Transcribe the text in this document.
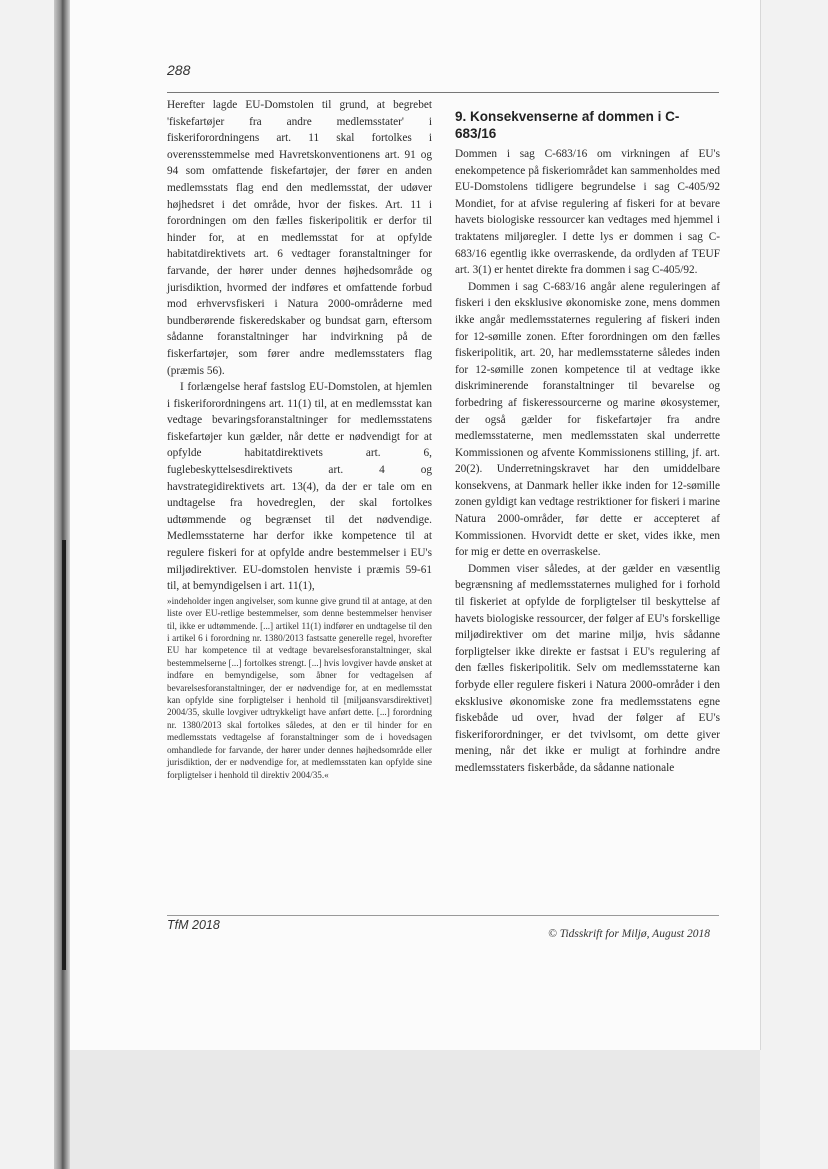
288

Herefter lagde EU-Domstolen til grund, at begrebet 'fiskefartøjer fra andre medlemsstater' i fiskeriforordningens art. 11 skal fortolkes i overensstemmelse med Havretskonventionens art. 91 og 94 som omfattende fiskefartøjer, der fører en anden medlemsstats flag end den medlemsstat, der udøver højhedsret i det område, hvor der fiskes. Art. 11 i forordningen om den fælles fiskeripolitik er derfor til hinder for, at en medlemsstat for at opfylde habitatdirektivets art. 6 vedtager foranstaltninger for farvande, der hører under dennes højhedsområde og jurisdiktion, hvormed der indføres et omfattende forbud mod erhvervsfiskeri i Natura 2000-områderne med bundberørende fiskeredskaber og bundsat garn, eftersom sådanne foranstaltninger har indvirkning på de fiskerfartøjer, som fører andre medlemsstaters flag (præmis 56).

I forlængelse heraf fastslog EU-Domstolen, at hjemlen i fiskeriforordningens art. 11(1) til, at en medlemsstat kan vedtage bevaringsforanstaltninger for medlemsstatens fiskefartøjer kun gælder, når dette er nødvendigt for at opfylde habitatdirektivets art. 6, fuglebeskyttelsesdirektivets art. 4 og havstrategidirektivets art. 13(4), da der er tale om en undtagelse fra hovedreglen, der skal fortolkes udtømmende og begrænset til det nødvendige. Medlemsstaterne har derfor ikke kompetence til at regulere fiskeri for at opfylde andre bestemmelser i EU's miljødirektiver. EU-domstolen henviste i præmis 59-61 til, at bemyndigelsen i art. 11(1),

»indeholder ingen angivelser, som kunne give grund til at antage, at den liste over EU-retlige bestemmelser, som denne bestemmelser henviser til, ikke er udtømmende. [...] artikel 11(1) indfører en undtagelse til den i artikel 6 i forordning nr. 1380/2013 fastsatte generelle regel, hvorefter EU har kompetence til at vedtage bevarelsesforanstaltninger, skal bestemmelserne [...] fortolkes strengt. [...] hvis lovgiver havde ønsket at indføre en bemyndigelse, som åbner for vedtagelsen af bevarelsesforanstaltninger, der er nødvendige for, at en medlemsstat kan opfylde sine forpligtelser i henhold til [miljøansvarsdirektivet] 2004/35, skulle lovgiver udtrykkeligt have anført dette. [...] forordning nr. 1380/2013 skal fortolkes således, at den er til hinder for en medlemsstats vedtagelse af foranstaltninger som de i hovedsagen omhandlede for farvande, der hører under dennes højhedsområde eller jurisdiktion, der er nødvendige for, at medlemsstaten kan opfylde sine forpligtelser i henhold til direktiv 2004/35.«

9. Konsekvenserne af dommen i C-683/16

Dommen i sag C-683/16 om virkningen af EU's enekompetence på fiskeriområdet kan sammenholdes med EU-Domstolens tidligere begrundelse i sag C-405/92 Mondiet, for at afvise regulering af fiskeri for at bevare havets biologiske ressourcer kan vedtages med hjemmel i traktatens miljøregler. I dette lys er dommen i sag C-683/16 egentlig ikke overraskende, da ordlyden af TEUF art. 3(1) er hentet direkte fra dommen i sag C-405/92.

Dommen i sag C-683/16 angår alene reguleringen af fiskeri i den eksklusive økonomiske zone, mens dommen ikke angår medlemsstaternes regulering af fiskeri inden for 12-sømille zonen. Efter forordningen om den fælles fiskeripolitik, art. 20, har medlemsstaterne således inden for 12-sømille zonen kompetence til at vedtage ikke diskriminerende foranstaltninger til bevarelse og forbedring af fiskeressourcerne og marine økosystemer, der også gælder for fiskefartøjer fra andre medlemsstaterne, men medlemsstaten skal underrette Kommissionen og afvente Kommissionens stilling, jf. art. 20(2). Underretningskravet har den umiddelbare konsekvens, at Danmark heller ikke inden for 12-sømille zonen gyldigt kan vedtage restriktioner for fiskeri i marine Natura 2000-områder, før dette er accepteret af Kommissionen. Hvorvidt dette er sket, vides ikke, men for mig er dette en overraskelse.

Dommen viser således, at der gælder en væsentlig begrænsning af medlemsstaternes mulighed for i forhold til fiskeriet at opfylde de forpligtelser til beskyttelse af havets biologiske ressourcer, der følger af EU's forskellige miljødirektiver om det marine miljø, hvis sådanne forpligtelser ikke direkte er fastsat i EU's regulering af den fælles fiskeripolitik. Selv om medlemsstaterne kan forbyde eller regulere fiskeri i Natura 2000-områder i den eksklusive økonomiske zone fra medlemsstatens egne fiskebåde ud over, hvad der følger af EU's fiskeriforordninger, er det tvivlsomt, om dette giver mening, når det ikke er muligt at forhindre andre medlemsstaters fiskerbåde, da sådanne nationale

TfM 2018
© Tidsskrift for Miljø, August 2018
